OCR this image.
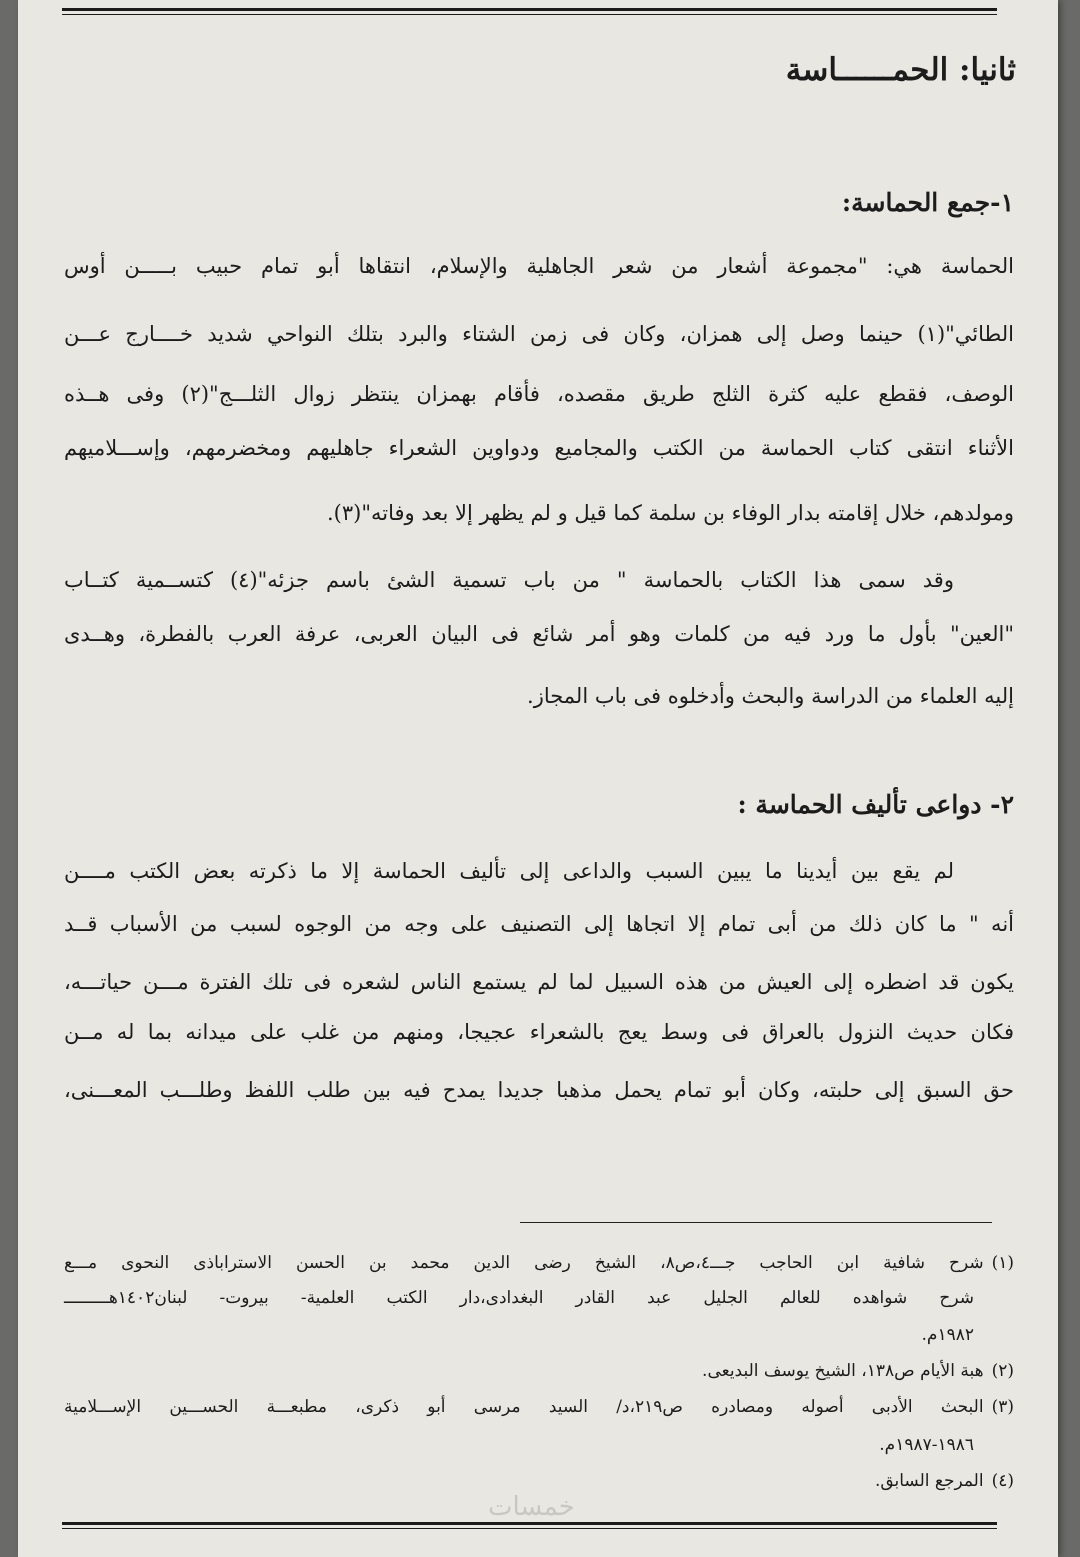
ثانيا: الحمــــــاسة
١-جمع الحماسة:
الحماسة هي: "مجموعة أشعار من شعر الجاهلية والإسلام، انتقاها أبو تمام حبيب بـــــن أوس
الطائي"(١) حينما وصل إلى همزان، وكان فى زمن الشتاء والبرد بتلك النواحي شديد خــــارج عـــن
الوصف، فقطع عليه كثرة الثلج طريق مقصده، فأقام بهمزان ينتظر زوال الثلـــج"(٢) وفى هــذه
الأثناء انتقى كتاب الحماسة من الكتب والمجاميع ودواوين الشعراء جاهليهم ومخضرمهم، وإســـلاميهم
ومولدهم، خلال إقامته بدار الوفاء بن سلمة كما قيل و لم يظهر إلا بعد وفاته"(٣).
وقد سمى هذا الكتاب بالحماسة " من باب تسمية الشئ باسم جزئه"(٤) كتســمية كتــاب
"العين" بأول ما ورد فيه من كلمات وهو أمر شائع فى البيان العربى، عرفة العرب بالفطرة، وهــدى
إليه العلماء من الدراسة والبحث وأدخلوه فى باب المجاز.
٢- دواعى تأليف الحماسة :
لم يقع بين أيدينا ما يبين السبب والداعى إلى تأليف الحماسة إلا ما ذكرته بعض الكتب مــــن
أنه " ما كان ذلك من أبى تمام إلا اتجاها إلى التصنيف على وجه من الوجوه لسبب من الأسباب قــد
يكون قد اضطره إلى العيش من هذه السبيل لما لم يستمع الناس لشعره فى تلك الفترة مـــن حياتـــه،
فكان حديث النزول بالعراق فى وسط يعج بالشعراء عجيجا، ومنهم من غلب على ميدانه بما له مــن
حق السبق إلى حلبته، وكان أبو تمام يحمل مذهبا جديدا يمدح فيه بين طلب اللفظ وطلـــب المعـــنى،
(١)شرح شافية ابن الحاجب جـــ٤،ص٨، الشيخ رضى الدين محمد بن الحسن الاستراباذى النحوى مـــع
شرح شواهده للعالم الجليل عبد القادر البغدادى،دار الكتب العلمية- بيروت- لبنان١٤٠٢هـــــــــ
١٩٨٢م.
(٢)هبة الأيام ص١٣٨، الشيخ يوسف البديعى.
(٣)البحث الأدبى أصوله ومصادره ص٢١٩،د/ السيد مرسى أبو ذكرى، مطبعـــة الحســـين الإســـلامية
١٩٨٦-١٩٨٧م.
(٤)المرجع السابق.
خمسات
